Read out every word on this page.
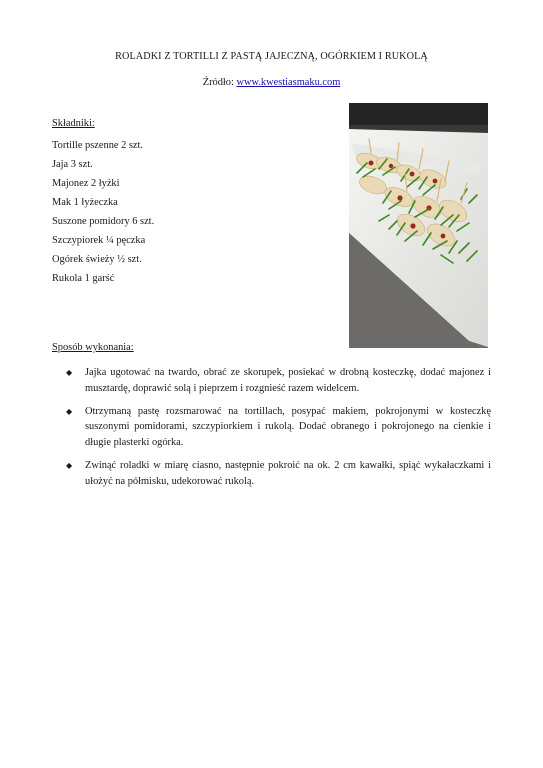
ROLADKI Z TORTILLI Z PASTĄ JAJECZNĄ, OGÓRKIEM I RUKOLĄ
Źródło: www.kwestiasmaku.com
Składniki:
Tortille pszenne 2 szt.
Jaja 3 szt.
Majonez 2 łyżki
Mak 1 łyżeczka
Suszone pomidory 6 szt.
Szczypiorek ¼ pęczka
Ogórek świeży ½ szt.
Rukola 1 garść
Sposób wykonania:
◆ Jajka ugotować na twardo, obrać ze skorupek, posiekać w drobną kosteczkę, dodać majonez i musztardę, doprawić solą i pieprzem i rozgnieść razem widelcem.
◆ Otrzymaną pastę rozsmarować na tortillach, posypać makiem, pokrojonymi w kosteczkę suszonymi pomidorami, szczypiorkiem i rukolą. Dodać obranego i pokrojonego na cienkie i długie plasterki ogórka.
◆ Zwinąć roladki w miarę ciasno, następnie pokroić na ok. 2 cm kawałki, spiąć wykałaczkami i ułożyć na półmisku, udekorować rukolą.
